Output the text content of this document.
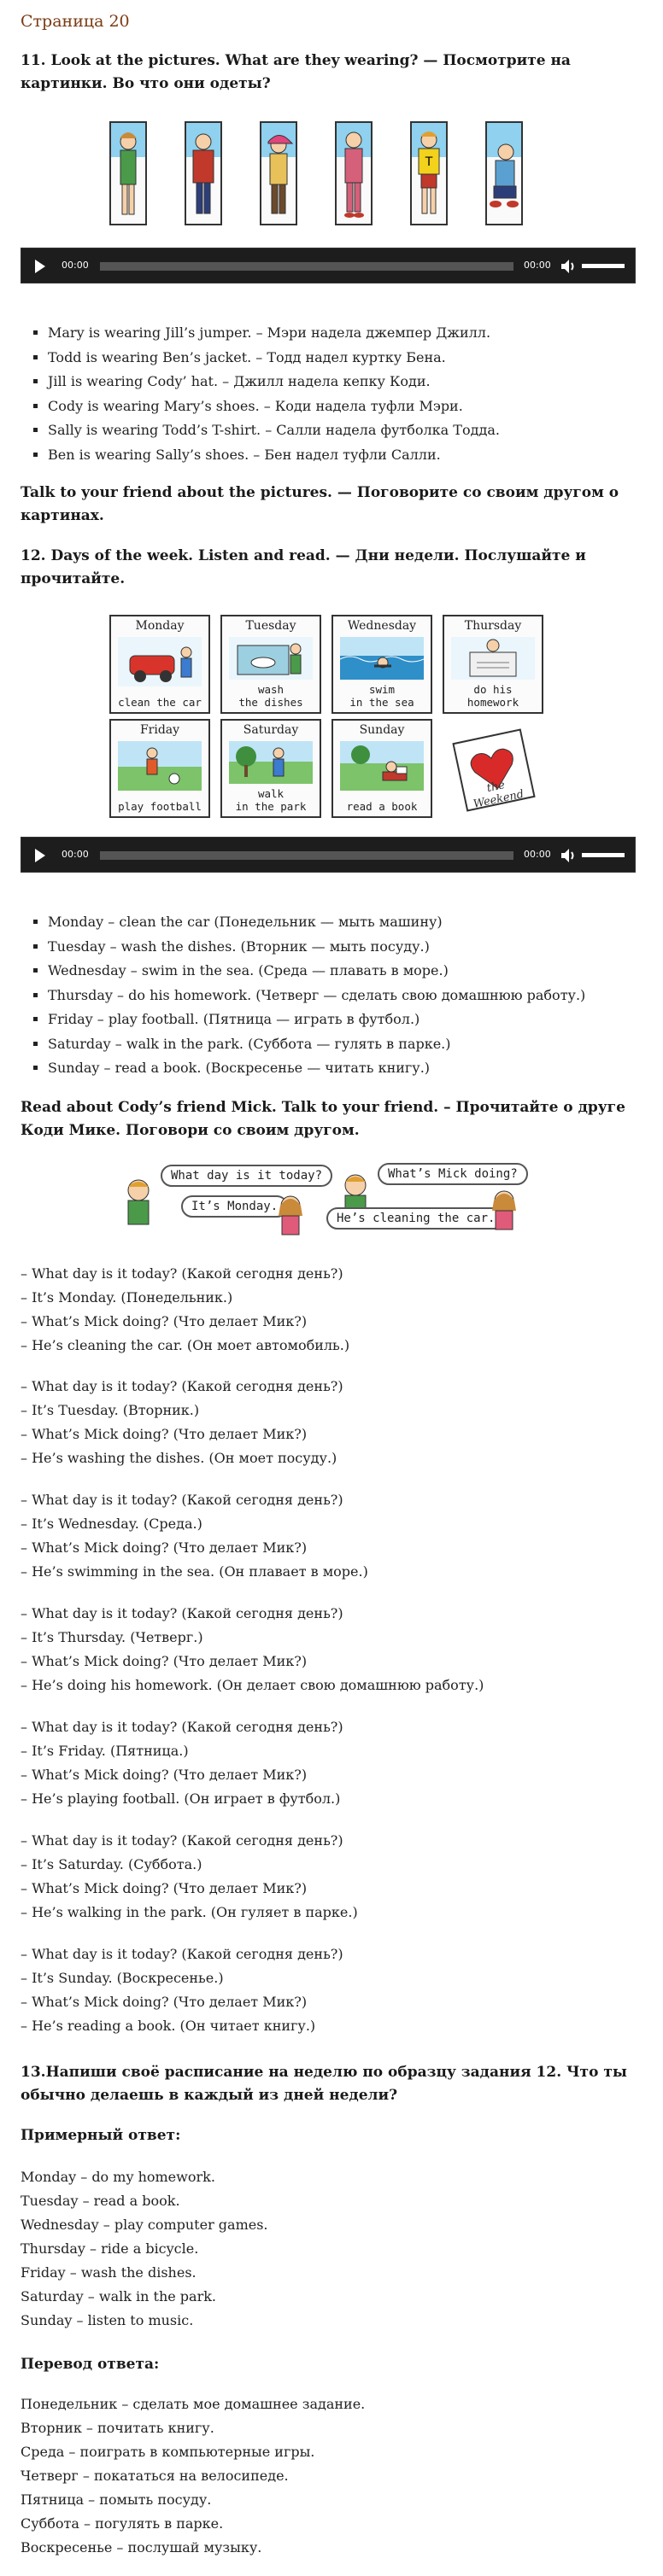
Страница 20
11. Look at the pictures. What are they wearing? — Посмотрите на картинки. Во что они одеты?
T
00:00	00:00
▪ Mary is wearing Jill’s jumper. – Мэри надела джемпер Джилл.
▪ Todd is wearing Ben’s jacket. – Тодд надел куртку Бена.
▪ Jill is wearing Cody’ hat. – Джилл надела кепку Коди.
▪ Cody is wearing Mary’s shoes. – Коди надела туфли Мэри.
▪ Sally is wearing Todd’s T-shirt. – Салли надела футболка Тодда.
▪ Ben is wearing Sally’s shoes. – Бен надел туфли Салли.
Talk to your friend about the pictures. — Поговорите со своим другом о картинах.
12. Days of the week. Listen and read. — Дни недели. Послушайте и прочитайте.
Monday
clean the car
Tuesday
wash
the dishes
Wednesday
swim
in the sea
Thursday
do his
homework
Friday
play football
Saturday
walk
in the park
Sunday
read a book
the Weekend
00:00	00:00
▪ Monday – clean the car (Понедельник — мыть машину)
▪ Tuesday – wash the dishes. (Вторник — мыть посуду.)
▪ Wednesday – swim in the sea. (Среда — плавать в море.)
▪ Thursday – do his homework. (Четверг — сделать свою домашнюю работу.)
▪ Friday – play football. (Пятница — играть в футбол.)
▪ Saturday – walk in the park. (Суббота — гулять в парке.)
▪ Sunday – read a book. (Воскресенье — читать книгу.)
Read about Cody’s friend Mick. Talk to your friend. – Прочитайте о друге Коди Мике. Поговори со своим другом.
What day is it today?
It’s Monday.
What’s Mick doing?
He’s cleaning the car.
– What day is it today? (Какой сегодня день?)
– It’s Monday. (Понедельник.)
– What’s Mick doing? (Что делает Мик?)
– He’s cleaning the car. (Он моет автомобиль.)
– What day is it today? (Какой сегодня день?)
– It’s Tuesday. (Вторник.)
– What’s Mick doing? (Что делает Мик?)
– He’s washing the dishes. (Он моет посуду.)
– What day is it today? (Какой сегодня день?)
– It’s Wednesday. (Среда.)
– What’s Mick doing? (Что делает Мик?)
– He’s swimming in the sea. (Он плавает в море.)
– What day is it today? (Какой сегодня день?)
– It’s Thursday. (Четверг.)
– What’s Mick doing? (Что делает Мик?)
– He’s doing his homework. (Он делает свою домашнюю работу.)
– What day is it today? (Какой сегодня день?)
– It’s Friday. (Пятница.)
– What’s Mick doing? (Что делает Мик?)
– He’s playing football. (Он играет в футбол.)
– What day is it today? (Какой сегодня день?)
– It’s Saturday. (Суббота.)
– What’s Mick doing? (Что делает Мик?)
– He’s walking in the park. (Он гуляет в парке.)
– What day is it today? (Какой сегодня день?)
– It’s Sunday. (Воскресенье.)
– What’s Mick doing? (Что делает Мик?)
– He’s reading a book. (Он читает книгу.)
13.Напиши своё расписание на неделю по образцу задания 12. Что ты обычно делаешь в каждый из дней недели?
Примерный ответ:
Monday – do my homework.
Tuesday – read a book.
Wednesday – play computer games.
Thursday – ride a bicycle.
Friday – wash the dishes.
Saturday – walk in the park.
Sunday – listen to music.
Перевод ответа:
Понедельник – сделать мое домашнее задание.
Вторник – почитать книгу.
Среда – поиграть в компьютерные игры.
Четверг – покататься на велосипеде.
Пятница – помыть посуду.
Суббота – погулять в парке.
Воскресенье – послушай музыку.
